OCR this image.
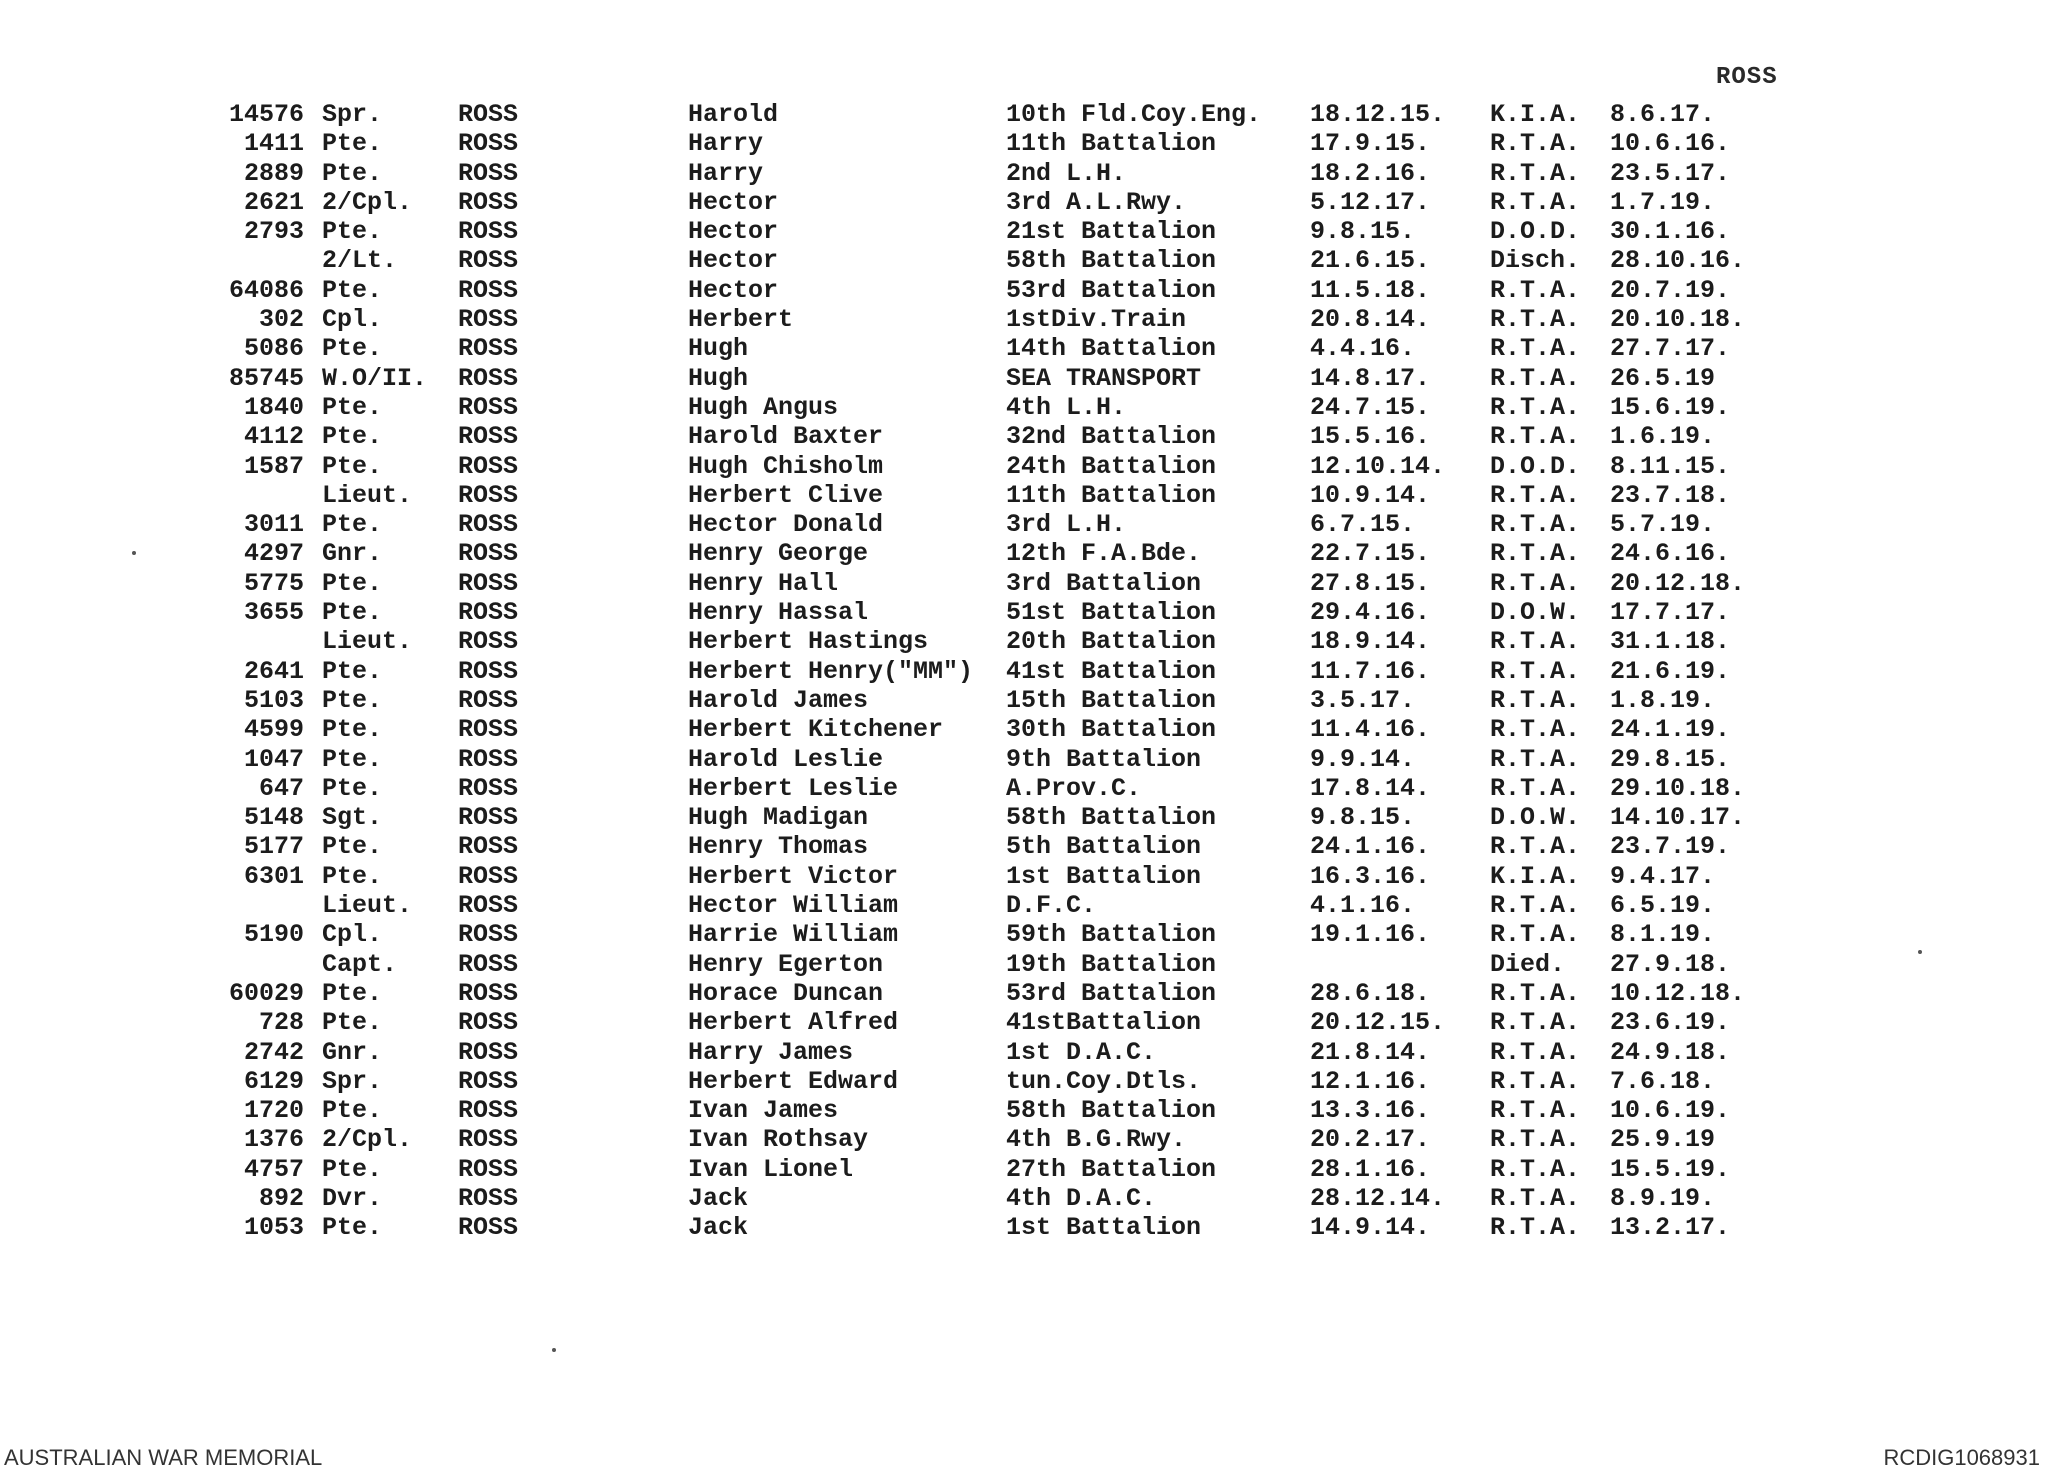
ROSS
14576 Spr.	ROSS	Harold	10th Fld.Coy.Eng. 18.12.15. K.I.A. 8.6.17.
1411 Pte.	ROSS	Harry	11th Battalion	17.9.15. R.T.A. 10.6.16.
2889 Pte.	ROSS	Harry	2nd L.H.	18.2.16. R.T.A. 23.5.17.
2621 2/Cpl. ROSS	Hector	3rd A.L.Rwy.	5.12.17. R.T.A. 1.7.19.
2793 Pte.	ROSS	Hector	21st Battalion	9.8.15.	D.O.D. 30.1.16.
2/Lt. ROSS	Hector	58th Battalion	21.6.15. Disch. 28.10.16.
64086 Pte.	ROSS	Hector	53rd Battalion	11.5.18. R.T.A. 20.7.19.
302 Cpl.	ROSS	Herbert	1stDiv.Train	20.8.14. R.T.A. 20.10.18.
5086 Pte.	ROSS	Hugh	14th Battalion	4.4.16.	R.T.A. 27.7.17.
85745 W.O/II. ROSS	Hugh	SEA TRANSPORT	14.8.17. R.T.A. 26.5.19
1840 Pte.	ROSS	Hugh Angus	4th L.H.	24.7.15. R.T.A. 15.6.19.
4112 Pte.	ROSS	Harold Baxter	32nd Battalion	15.5.16. R.T.A. 1.6.19.
1587 Pte.	ROSS	Hugh Chisholm	24th Battalion	12.10.14. D.O.D. 8.11.15.
Lieut. ROSS	Herbert Clive	11th Battalion	10.9.14. R.T.A. 23.7.18.
3011 Pte.	ROSS	Hector Donald	3rd L.H.	6.7.15.	R.T.A. 5.7.19.
4297 Gnr.	ROSS	Henry George	12th F.A.Bde.	22.7.15. R.T.A. 24.6.16.
5775 Pte.	ROSS	Henry Hall	3rd Battalion	27.8.15. R.T.A. 20.12.18.
3655 Pte.	ROSS	Henry Hassal	51st Battalion	29.4.16. D.O.W. 17.7.17.
Lieut. ROSS	Herbert Hastings	20th Battalion	18.9.14. R.T.A. 31.1.18.
2641 Pte.	ROSS	Herbert Henry("MM") 41st Battalion	11.7.16. R.T.A. 21.6.19.
5103 Pte.	ROSS	Harold James	15th Battalion	3.5.17.	R.T.A. 1.8.19.
4599 Pte.	ROSS	Herbert Kitchener	30th Battalion	11.4.16. R.T.A. 24.1.19.
1047 Pte.	ROSS	Harold Leslie	9th Battalion	9.9.14.	R.T.A. 29.8.15.
647 Pte.	ROSS	Herbert Leslie	A.Prov.C.	17.8.14. R.T.A. 29.10.18.
5148 Sgt.	ROSS	Hugh Madigan	58th Battalion	9.8.15.	D.O.W. 14.10.17.
5177 Pte.	ROSS	Henry Thomas	5th Battalion	24.1.16. R.T.A. 23.7.19.
6301 Pte.	ROSS	Herbert Victor	1st Battalion	16.3.16. K.I.A. 9.4.17.
Lieut. ROSS	Hector William	D.F.C.	4.1.16.	R.T.A. 6.5.19.
5190 Cpl.	ROSS	Harrie William	59th Battalion	19.1.16. R.T.A. 8.1.19.
Capt. ROSS	Henry Egerton	19th Battalion	Died. 27.9.18.
60029 Pte.	ROSS	Horace Duncan	53rd Battalion	28.6.18. R.T.A. 10.12.18.
728 Pte.	ROSS	Herbert Alfred	41stBattalion	20.12.15. R.T.A. 23.6.19.
2742 Gnr.	ROSS	Harry James	1st D.A.C.	21.8.14. R.T.A. 24.9.18.
6129 Spr.	ROSS	Herbert Edward	tun.Coy.Dtls.	12.1.16. R.T.A. 7.6.18.
1720 Pte.	ROSS	Ivan James	58th Battalion	13.3.16. R.T.A. 10.6.19.
1376 2/Cpl. ROSS	Ivan Rothsay	4th B.G.Rwy.	20.2.17. R.T.A. 25.9.19
4757 Pte.	ROSS	Ivan Lionel	27th Battalion	28.1.16. R.T.A. 15.5.19.
892 Dvr.	ROSS	Jack	4th D.A.C.	28.12.14. R.T.A. 8.9.19.
1053 Pte.	ROSS	Jack	1st Battalion	14.9.14. R.T.A. 13.2.17.
AUSTRALIAN WAR MEMORIAL	RCDIG1068931
